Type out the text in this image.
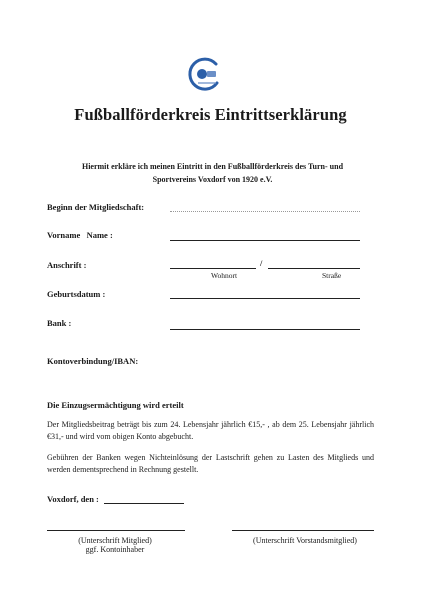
Fußballförderkreis Eintrittserklärung
Hiermit erkläre ich meinen Eintritt in den Fußballförderkreis des Turn- und
Sportvereins Voxdorf von 1920 e.V.
Beginn der Mitgliedschaft:
Vorname   Name :
Anschrift :	/
Wohnort	Straße
Geburtsdatum :
Bank :
Kontoverbindung/IBAN:
Die Einzugsermächtigung wird erteilt
Der Mitgliedsbeitrag beträgt bis zum 24. Lebensjahr jährlich €15,- , ab dem 25. Lebensjahr jährlich €31,- und wird vom obigen Konto abgebucht.
Gebühren der Banken wegen Nichteinlösung der Lastschrift gehen zu Lasten des Mitglieds und werden dementsprechend in Rechnung gestellt.
Voxdorf, den :
(Unterschrift Mitglied)
ggf. Kontoinhaber
(Unterschrift Vorstandsmitglied)
